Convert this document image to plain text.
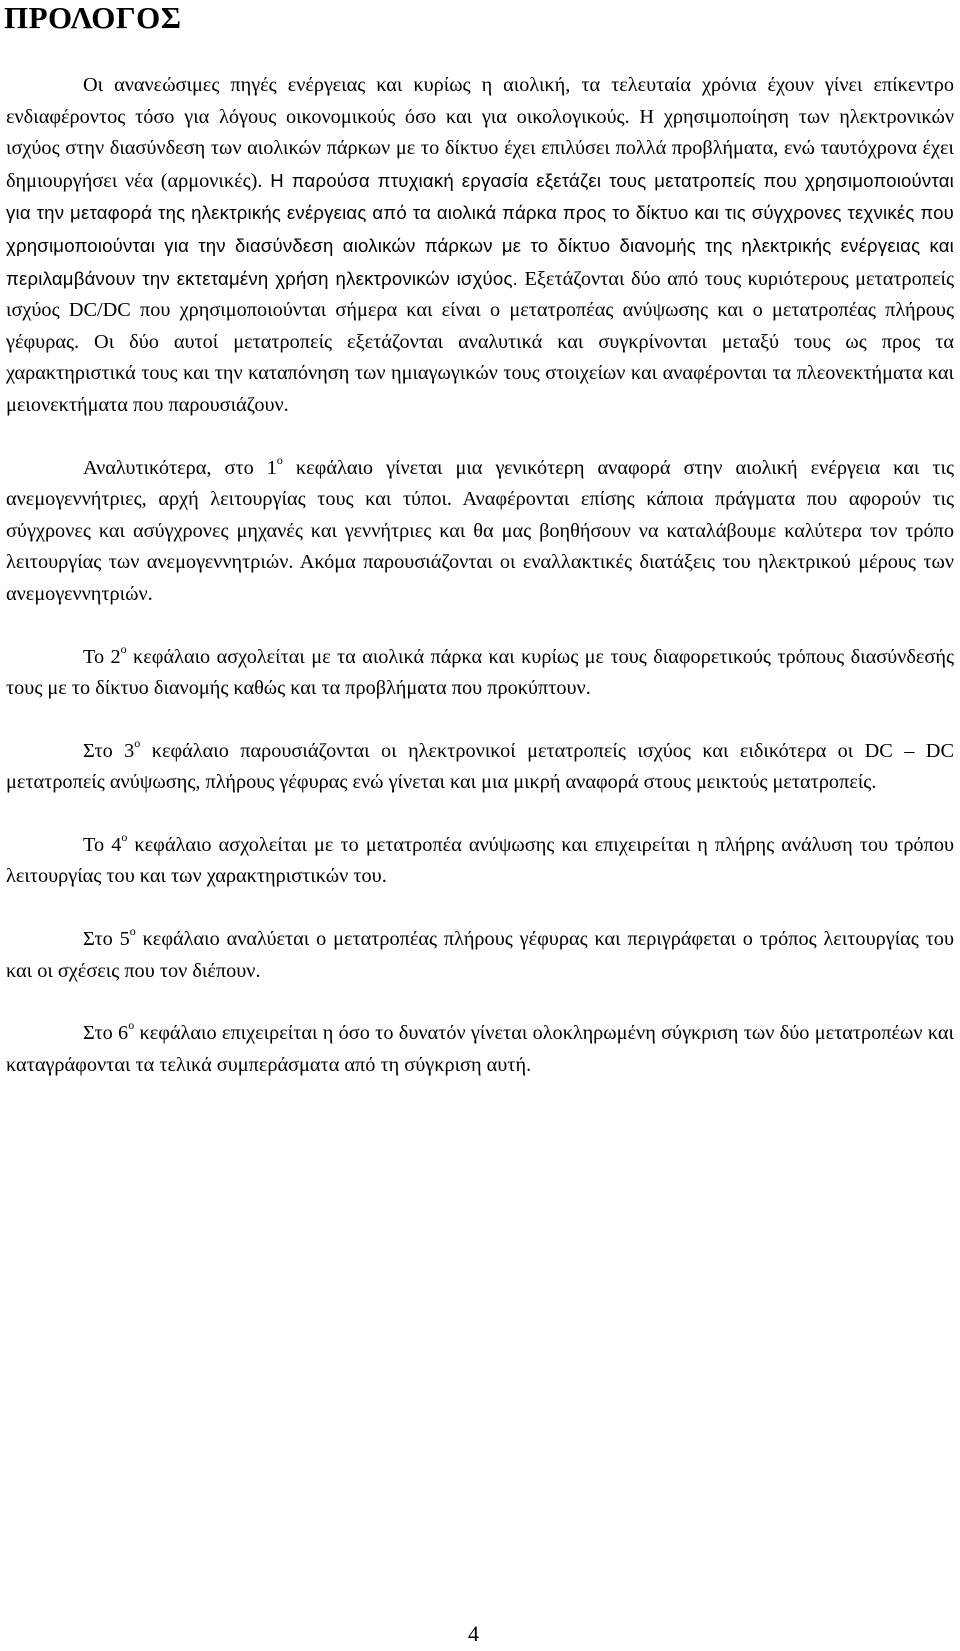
ΠΡΟΛΟΓΟΣ

Οι ανανεώσιμες πηγές ενέργειας και κυρίως η αιολική, τα τελευταία χρόνια έχουν γίνει επίκεντρο ενδιαφέροντος τόσο για λόγους οικονομικούς όσο και για οικολογικούς. Η χρησιμοποίηση των ηλεκτρονικών ισχύος στην διασύνδεση των αιολικών πάρκων με το δίκτυο έχει επιλύσει πολλά προβλήματα, ενώ ταυτόχρονα έχει δημιουργήσει νέα (αρμονικές). Η παρούσα πτυχιακή εργασία εξετάζει τους μετατροπείς που χρησιμοποιούνται για την μεταφορά της ηλεκτρικής ενέργειας από τα αιολικά πάρκα προς το δίκτυο και τις σύγχρονες τεχνικές που χρησιμοποιούνται για την διασύνδεση αιολικών πάρκων με το δίκτυο διανομής της ηλεκτρικής ενέργειας και περιλαμβάνουν την εκτεταμένη χρήση ηλεκτρονικών ισχύος. Εξετάζονται δύο από τους κυριότερους μετατροπείς ισχύος DC/DC που χρησιμοποιούνται σήμερα και είναι ο μετατροπέας ανύψωσης και ο μετατροπέας πλήρους γέφυρας. Οι δύο αυτοί μετατροπείς εξετάζονται αναλυτικά και συγκρίνονται μεταξύ τους ως προς τα χαρακτηριστικά τους και την καταπόνηση των ημιαγωγικών τους στοιχείων και αναφέρονται τα πλεονεκτήματα και μειονεκτήματα που παρουσιάζουν.

Αναλυτικότερα, στο $1^o$ κεφάλαιο γίνεται μια γενικότερη αναφορά στην αιολική ενέργεια και τις ανεμογεννήτριες, αρχή λειτουργίας τους και τύποι. Αναφέρονται επίσης κάποια πράγματα που αφορούν τις σύγχρονες και ασύγχρονες μηχανές και γεννήτριες και θα μας βοηθήσουν να καταλάβουμε καλύτερα τον τρόπο λειτουργίας των ανεμογεννητριών. Ακόμα παρουσιάζονται οι εναλλακτικές διατάξεις του ηλεκτρικού μέρους των ανεμογεννητριών.

Το $2^o$ κεφάλαιο ασχολείται με τα αιολικά πάρκα και κυρίως με τους διαφορετικούς τρόπους διασύνδεσής τους με το δίκτυο διανομής καθώς και τα προβλήματα που προκύπτουν.

Στο $3^o$ κεφάλαιο παρουσιάζονται οι ηλεκτρονικοί μετατροπείς ισχύος και ειδικότερα οι DC – DC μετατροπείς ανύψωσης, πλήρους γέφυρας ενώ γίνεται και μια μικρή αναφορά στους μεικτούς μετατροπείς.

Το $4^o$ κεφάλαιο ασχολείται με το μετατροπέα ανύψωσης και επιχειρείται η πλήρης ανάλυση του τρόπου λειτουργίας του και των χαρακτηριστικών του.

Στο $5^o$ κεφάλαιο αναλύεται ο μετατροπέας πλήρους γέφυρας και περιγράφεται ο τρόπος λειτουργίας του και οι σχέσεις που τον διέπουν.

Στο $6^o$ κεφάλαιο επιχειρείται η όσο το δυνατόν γίνεται ολοκληρωμένη σύγκριση των δύο μετατροπέων και καταγράφονται τα τελικά συμπεράσματα από τη σύγκριση αυτή.

4
